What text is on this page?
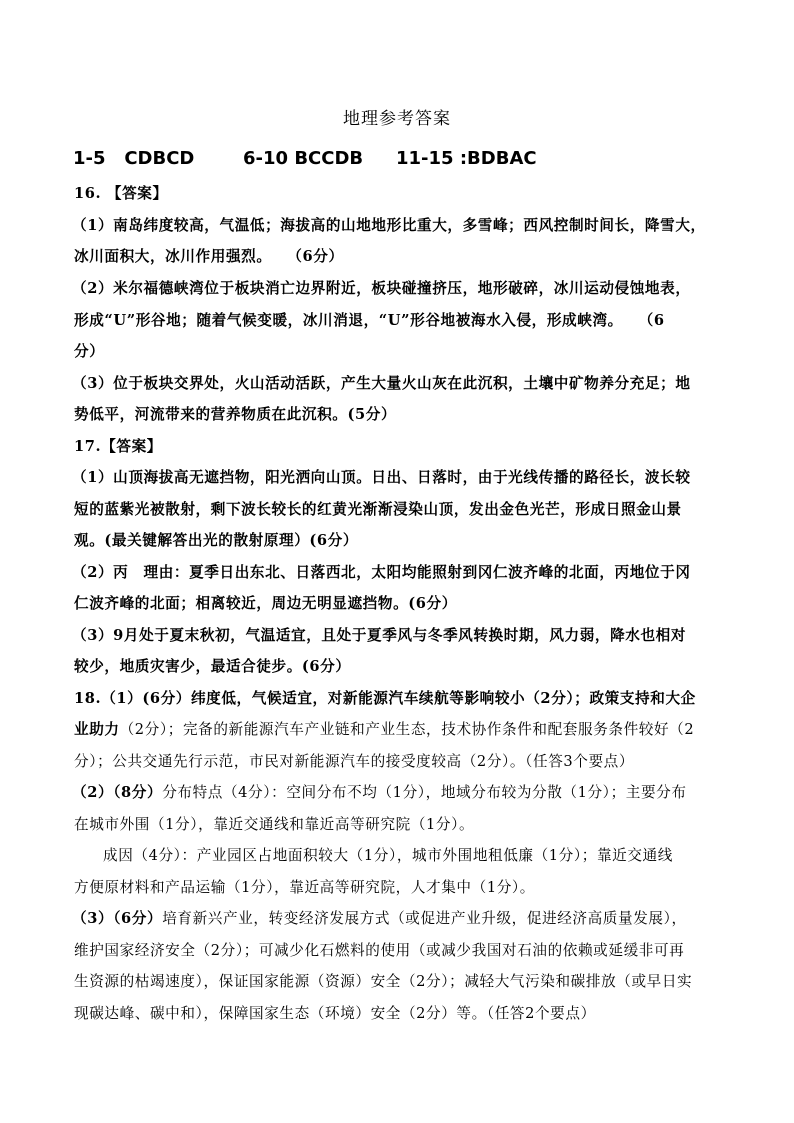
地理参考答案
1-5 CDBCD	6-10 BCCDB 11-15 :BDBAC
16. 【答案】
（1）南岛纬度较高，气温低；海拔高的山地地形比重大，多雪峰；西风控制时间长，降雪大，
冰川面积大，冰川作用强烈。　　（6分）
（2）米尔福德峡湾位于板块消亡边界附近，板块碰撞挤压，地形破碎，冰川运动侵蚀地表，
形成“U”形谷地；随着气候变暖，冰川消退，“U”形谷地被海水入侵，形成峡湾。　　（6
分）
（3）位于板块交界处，火山活动活跃，产生大量火山灰在此沉积，土壤中矿物养分充足；地
势低平，河流带来的营养物质在此沉积。(5分）
17.【答案】
（1）山顶海拔高无遮挡物，阳光洒向山顶。日出、日落时，由于光线传播的路径长，波长较
短的蓝紫光被散射，剩下波长较长的红黄光渐渐浸染山顶，发出金色光芒，形成日照金山景
观。(最关键解答出光的散射原理）(6分）
（2）丙　理由：夏季日出东北、日落西北，太阳均能照射到冈仁波齐峰的北面，丙地位于冈
仁波齐峰的北面；相离较近，周边无明显遮挡物。(6分）
（3）9月处于夏末秋初，气温适宜，且处于夏季风与冬季风转换时期，风力弱，降水也相对
较少，地质灾害少，最适合徒步。(6分）
18.（1）(6分）纬度低，气候适宜，对新能源汽车续航等影响较小（2分）；政策支持和大企
业助力（2分）；完备的新能源汽车产业链和产业生态，技术协作条件和配套服务条件较好（2
分）；公共交通先行示范，市民对新能源汽车的接受度较高（2分）。（任答3个要点）
（2）（8分）分布特点（4分）：空间分布不均（1分），地域分布较为分散（1分）；主要分布
在城市外围（1分），靠近交通线和靠近高等研究院（1分）。
成因（4分）：产业园区占地面积较大（1分），城市外围地租低廉（1分）；靠近交通线
方便原材料和产品运输（1分），靠近高等研究院，人才集中（1分）。
（3）（6分）培育新兴产业，转变经济发展方式（或促进产业升级，促进经济高质量发展），
维护国家经济安全（2分）；可减少化石燃料的使用（或减少我国对石油的依赖或延缓非可再
生资源的枯竭速度），保证国家能源（资源）安全（2分）；减轻大气污染和碳排放（或早日实
现碳达峰、碳中和），保障国家生态（环境）安全（2分）等。（任答2个要点）
